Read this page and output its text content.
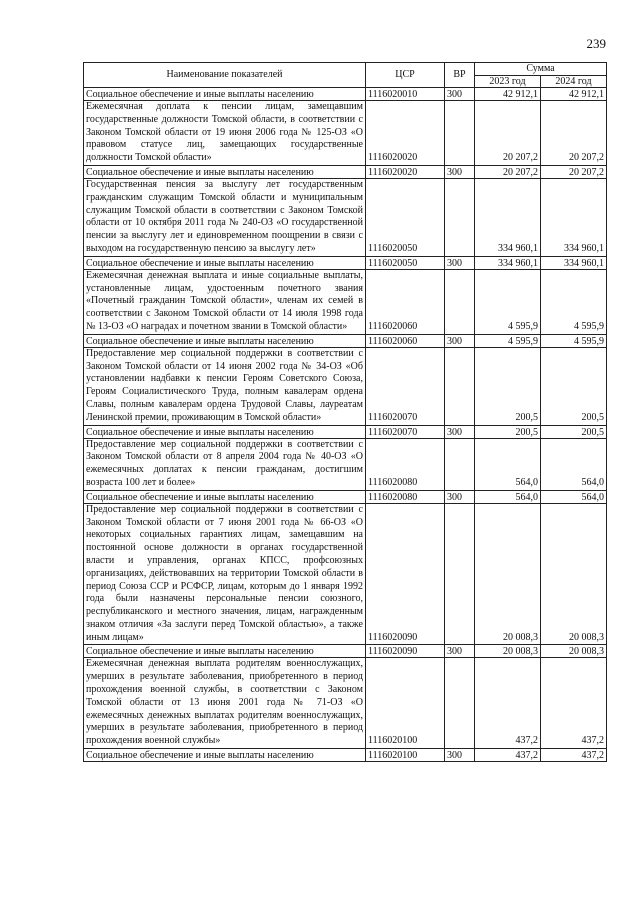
239
Наименование показателей	ЦСР	ВР	Сумма	
			2023 год	2024 год
Социальное обеспечение и иные выплаты населению	1116020010	300	42 912,1	42 912,1
Ежемесячная доплата к пенсии лицам, замещавшим государственные должности Томской области, в соответствии с Законом Томской области от 19 июня 2006 года № 125-ОЗ «О правовом статусе лиц, замещающих государственные должности Томской области»	1116020020		20 207,2	20 207,2
Социальное обеспечение и иные выплаты населению	1116020020	300	20 207,2	20 207,2
Государственная пенсия за выслугу лет государственным гражданским служащим Томской области и муниципальным служащим Томской области в соответствии с Законом Томской области от 10 октября 2011 года № 240-ОЗ «О государственной пенсии за выслугу лет и единовременном поощрении в связи с выходом на государственную пенсию за выслугу лет»	1116020050		334 960,1	334 960,1
Социальное обеспечение и иные выплаты населению	1116020050	300	334 960,1	334 960,1
Ежемесячная денежная выплата и иные социальные выплаты, установленные лицам, удостоенным почетного звания «Почетный гражданин Томской области», членам их семей в соответствии с Законом Томской области от 14 июля 1998 года № 13-ОЗ «О наградах и почетном звании в Томской области»	1116020060		4 595,9	4 595,9
Социальное обеспечение и иные выплаты населению	1116020060	300	4 595,9	4 595,9
Предоставление мер социальной поддержки в соответствии с Законом Томской области от 14 июня 2002 года № 34-ОЗ «Об установлении надбавки к пенсии Героям Советского Союза, Героям Социалистического Труда, полным кавалерам ордена Славы, полным кавалерам ордена Трудовой Славы, лауреатам Ленинской премии, проживающим в Томской области»	1116020070		200,5	200,5
Социальное обеспечение и иные выплаты населению	1116020070	300	200,5	200,5
Предоставление мер социальной поддержки в соответствии с Законом Томской области от 8 апреля 2004 года № 40-ОЗ «О ежемесячных доплатах к пенсии гражданам, достигшим возраста 100 лет и более»	1116020080		564,0	564,0
Социальное обеспечение и иные выплаты населению	1116020080	300	564,0	564,0
Предоставление мер социальной поддержки в соответствии с Законом Томской области от 7 июня 2001 года № 66-ОЗ «О некоторых социальных гарантиях лицам, замещавшим на постоянной основе должности в органах государственной власти и управления, органах КПСС, профсоюзных организациях, действовавших на территории Томской области в период Союза ССР и РСФСР, лицам, которым до 1 января 1992 года были назначены персональные пенсии союзного, республиканского и местного значения, лицам, награжденным знаком отличия «За заслуги перед Томской областью», а также иным лицам»	1116020090		20 008,3	20 008,3
Социальное обеспечение и иные выплаты населению	1116020090	300	20 008,3	20 008,3
Ежемесячная денежная выплата родителям военнослужащих, умерших в результате заболевания, приобретенного в период прохождения военной службы, в соответствии с Законом Томской области от 13 июня 2001 года № 71-ОЗ «О ежемесячных денежных выплатах родителям военнослужащих, умерших в результате заболевания, приобретенного в период прохождения военной службы»	1116020100		437,2	437,2
Социальное обеспечение и иные выплаты населению	1116020100	300	437,2	437,2
